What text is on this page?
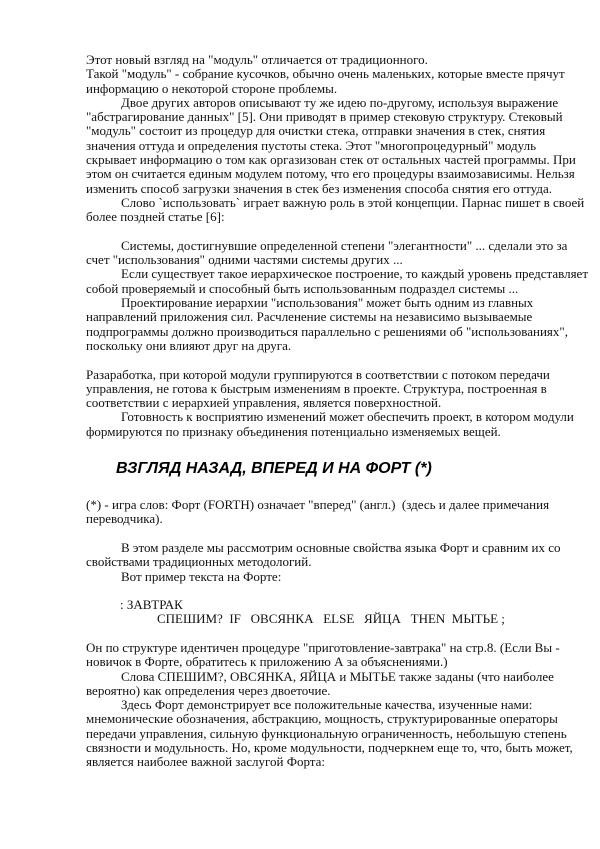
Этот новый взгляд на "модуль" отличается от традиционного.
Такой "модуль" - собрание кусочков, обычно очень маленьких, которые вместе прячут
информацию о некоторой стороне проблемы.
Двое других авторов описывают ту же идею по-другому, используя выражение
"абстрагирование данных" [5]. Они приводят в пример стековую структуру. Стековый
"модуль" состоит из процедур для очистки стека, отправки значения в стек, снятия
значения оттуда и определения пустоты стека. Этот "многопроцедурный" модуль
скрывает информацию о том как оргазизован стек от остальных частей программы. При
этом он считается единым модулем потому, что его процедуры взаимозависимы. Нельзя
изменить способ загрузки значения в стек без изменения способа снятия его оттуда.
Слово `использовать` играет важную роль в этой концепции. Парнас пишет в своей
более поздней статье [6]:
Системы, достигнувшие определенной степени "элегантности" ... сделали это за
счет "использования" одними частями системы других ...
Если существует такое иерархическое построение, то каждый уровень представляет
собой проверяемый и способный быть использованным подраздел системы ...
Проектирование иерархии "использования" может быть одним из главных
направлений приложения сил. Расчленение системы на независимо вызываемые
подпрограммы должно производиться параллельно с решениями об "использованиях",
поскольку они влияют друг на друга.
Разаработка, при которой модули группируются в соответствии с потоком передачи
управления, не готова к быстрым изменениям в проекте. Структура, построенная в
соответствии с иерархией управления, является поверхностной.
Готовность к восприятию изменений может обеспечить проект, в котором модули
формируются по признаку объединения потенциально изменяемых вещей.
ВЗГЛЯД НАЗАД, ВПЕРЕД И НА ФОРТ (*)
(*) - игра слов: Форт (FORTH) означает "вперед" (англ.)  (здесь и далее примечания
переводчика).
В этом разделе мы рассмотрим основные свойства языка Форт и сравним их со
свойствами традиционных методологий.
Вот пример текста на Форте:
: ЗАВТРАК
СПЕШИМ?  IF   ОВСЯНКА   ELSE   ЯЙЦА   THEN  МЫТЬЕ ;
Он по структуре идентичен процедуре "приготовление-завтрака" на стр.8. (Если Вы -
новичок в Форте, обратитесь к приложению А за объяснениями.)
Слова СПЕШИМ?, ОВСЯНКА, ЯЙЦА и МЫТЬЕ также заданы (что наиболее
вероятно) как определения через двоеточие.
Здесь Форт демонстрирует все положительные качества, изученные нами:
мнемонические обозначения, абстракцию, мощность, структурированные операторы
передачи управления, сильную функциональную ограниченность, небольшую степень
связности и модульность. Но, кроме модульности, подчеркнем еще то, что, быть может,
является наиболее важной заслугой Форта:
